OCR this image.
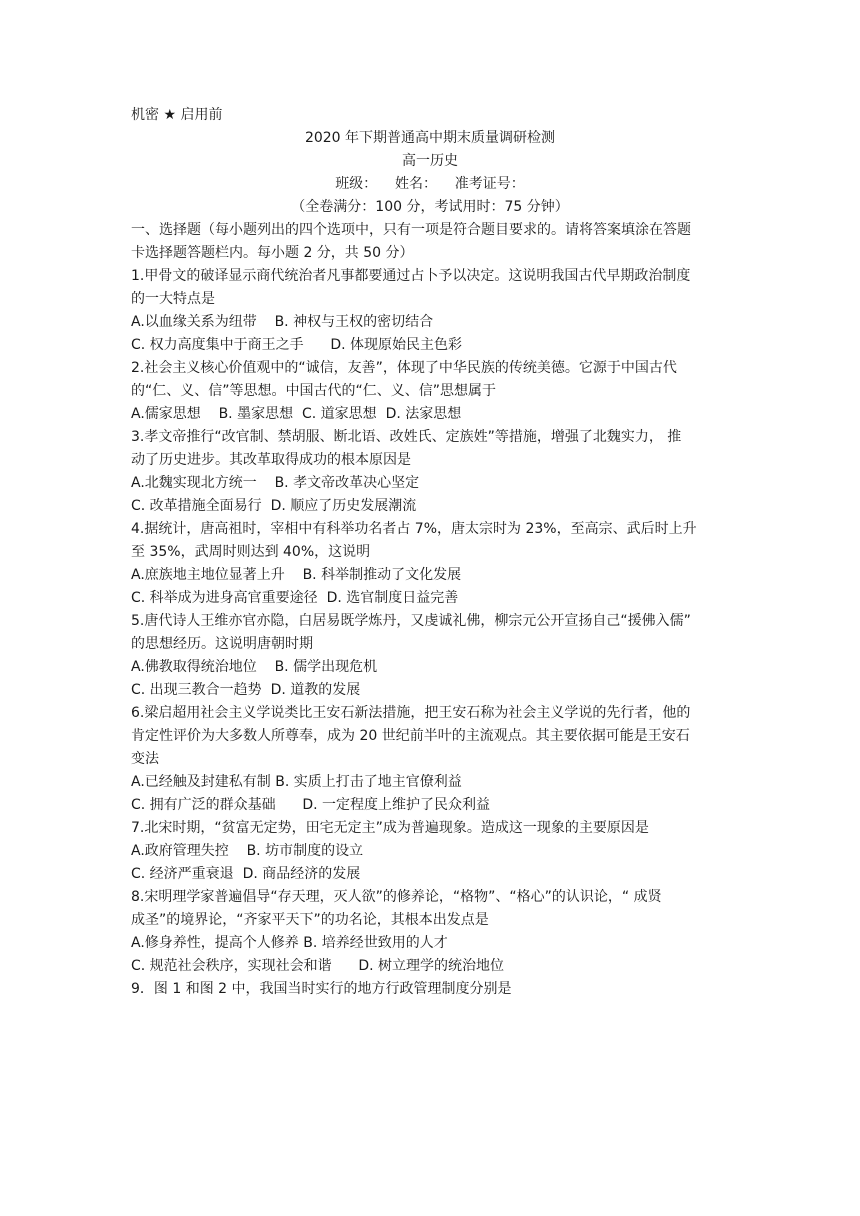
机密 ★ 启用前
2020 年下期普通高中期末质量调研检测
高一历史
班级：    姓名：    准考证号：
（全卷满分：100 分，考试用时：75 分钟）
一、选择题（每小题列出的四个选项中，只有一项是符合题目要求的。请将答案填涂在答题
卡选择题答题栏内。每小题 2 分，共 50 分）
1.甲骨文的破译显示商代统治者凡事都要通过占卜予以决定。这说明我国古代早期政治制度
的一大特点是
A.以血缘关系为纽带    B. 神权与王权的密切结合
C. 权力高度集中于商王之手      D. 体现原始民主色彩
2.社会主义核心价值观中的“诚信，友善”，体现了中华民族的传统美德。它源于中国古代
的“仁、义、信”等思想。中国古代的“仁、义、信”思想属于
A.儒家思想    B. 墨家思想  C. 道家思想  D. 法家思想
3.孝文帝推行“改官制、禁胡服、断北语、改姓氏、定族姓”等措施，增强了北魏实力， 推
动了历史进步。其改革取得成功的根本原因是
A.北魏实现北方统一    B. 孝文帝改革决心坚定
C. 改革措施全面易行  D. 顺应了历史发展潮流
4.据统计，唐高祖时，宰相中有科举功名者占 7%，唐太宗时为 23%，至高宗、武后时上升
至 35%，武周时则达到 40%，这说明
A.庶族地主地位显著上升    B. 科举制推动了文化发展
C. 科举成为进身高官重要途径  D. 选官制度日益完善
5.唐代诗人王维亦官亦隐，白居易既学炼丹，又虔诚礼佛，柳宗元公开宣扬自己“援佛入儒”
的思想经历。这说明唐朝时期
A.佛教取得统治地位    B. 儒学出现危机
C. 出现三教合一趋势  D. 道教的发展
6.梁启超用社会主义学说类比王安石新法措施，把王安石称为社会主义学说的先行者，他的
肯定性评价为大多数人所尊奉，成为 20 世纪前半叶的主流观点。其主要依据可能是王安石
变法
A.已经触及封建私有制 B. 实质上打击了地主官僚利益
C. 拥有广泛的群众基础      D. 一定程度上维护了民众利益
7.北宋时期，“贫富无定势，田宅无定主”成为普遍现象。造成这一现象的主要原因是
A.政府管理失控    B. 坊市制度的设立
C. 经济严重衰退  D. 商品经济的发展
8.宋明理学家普遍倡导“存天理，灭人欲”的修养论，“格物”、“格心”的认识论，“ 成贤
成圣”的境界论，“齐家平天下”的功名论，其根本出发点是
A.修身养性，提高个人修养 B. 培养经世致用的人才
C. 规范社会秩序，实现社会和谐      D. 树立理学的统治地位
9．图 1 和图 2 中，我国当时实行的地方行政管理制度分别是
